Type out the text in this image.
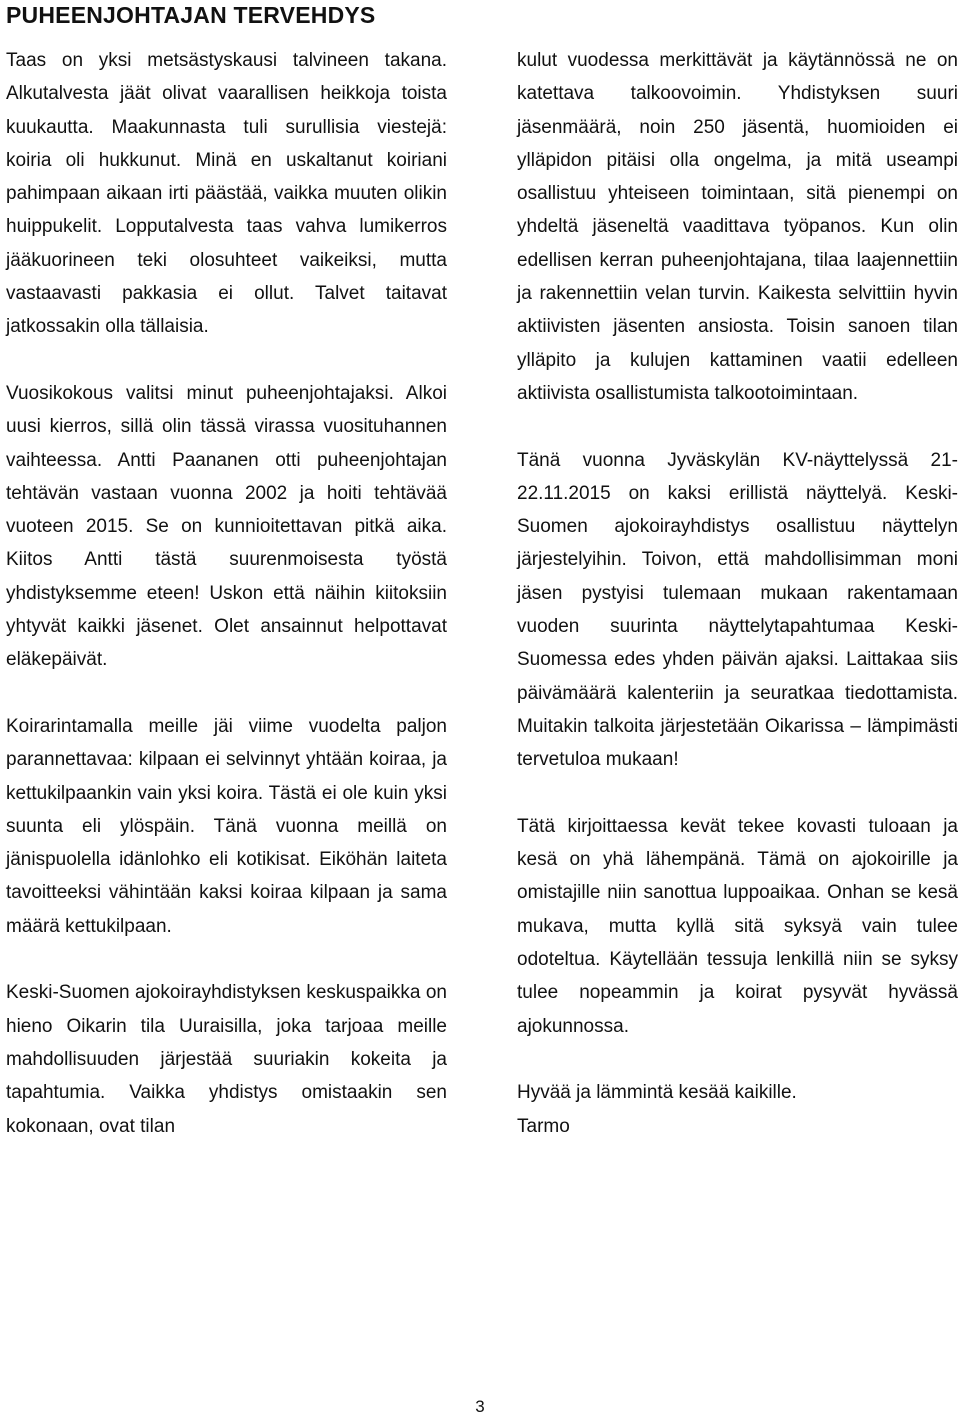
PUHEENJOHTAJAN TERVEHDYS

Taas on yksi metsästyskausi talvineen takana. Alkutalvesta jäät olivat vaarallisen heikkoja toista kuukautta. Maakunnasta tuli surullisia viestejä: koiria oli hukkunut. Minä en uskaltanut koiriani pahimpaan aikaan irti päästää, vaikka muuten olikin huippukelit. Lopputalvesta taas vahva lumikerros jääkuorineen teki olosuhteet vaikeiksi, mutta vastaavasti pakkasia ei ollut. Talvet taitavat jatkossakin olla tällaisia.

Vuosikokous valitsi minut puheenjohtajaksi. Alkoi uusi kierros, sillä olin tässä virassa vuosituhannen vaihteessa. Antti Paananen otti puheenjohtajan tehtävän vastaan vuonna 2002 ja hoiti tehtävää vuoteen 2015. Se on kunnioitettavan pitkä aika. Kiitos Antti tästä suurenmoisesta työstä yhdistyksemme eteen! Uskon että näihin kiitoksiin yhtyvät kaikki jäsenet. Olet ansainnut helpottavat eläkepäivät.

Koirarintamalla meille jäi viime vuodelta paljon parannettavaa: kilpaan ei selvinnyt yhtään koiraa, ja kettukilpaankin vain yksi koira. Tästä ei ole kuin yksi suunta eli ylöspäin. Tänä vuonna meillä on jänispuolella idänlohko eli kotikisat. Eiköhän laiteta tavoitteeksi vähintään kaksi koiraa kilpaan ja sama määrä kettukilpaan.

Keski-Suomen ajokoirayhdistyksen keskuspaikka on hieno Oikarin tila Uuraisilla, joka tarjoaa meille mahdollisuuden järjestää suuriakin kokeita ja tapahtumia. Vaikka yhdistys omistaakin sen kokonaan, ovat tilan

kulut vuodessa merkittävät ja käytännössä ne on katettava talkoovoimin. Yhdistyksen suuri jäsenmäärä, noin 250 jäsentä, huomioiden ei ylläpidon pitäisi olla ongelma, ja mitä useampi osallistuu yhteiseen toimintaan, sitä pienempi on yhdeltä jäseneltä vaadittava työpanos. Kun olin edellisen kerran puheenjohtajana, tilaa laajennettiin ja rakennettiin velan turvin. Kaikesta selvittiin hyvin aktiivisten jäsenten ansiosta. Toisin sanoen tilan ylläpito ja kulujen kattaminen vaatii edelleen aktiivista osallistumista talkootoimintaan.

Tänä vuonna Jyväskylän KV-näyttelyssä 21-22.11.2015 on kaksi erillistä näyttelyä. Keski-Suomen ajokoirayhdistys osallistuu näyttelyn järjestelyihin. Toivon, että mahdollisimman moni jäsen pystyisi tulemaan mukaan rakentamaan vuoden suurinta näyttelytapahtumaa Keski-Suomessa edes yhden päivän ajaksi. Laittakaa siis päivämäärä kalenteriin ja seuratkaa tiedottamista. Muitakin talkoita järjestetään Oikarissa – lämpimästi tervetuloa mukaan!

Tätä kirjoittaessa kevät tekee kovasti tuloaan ja kesä on yhä lähempänä. Tämä on ajokoirille ja omistajille niin sanottua luppoaikaa. Onhan se kesä mukava, mutta kyllä sitä syksyä vain tulee odoteltua. Käytellään tessuja lenkillä niin se syksy tulee nopeammin ja koirat pysyvät hyvässä ajokunnossa.

Hyvää ja lämmintä kesää kaikille.

Tarmo

3
